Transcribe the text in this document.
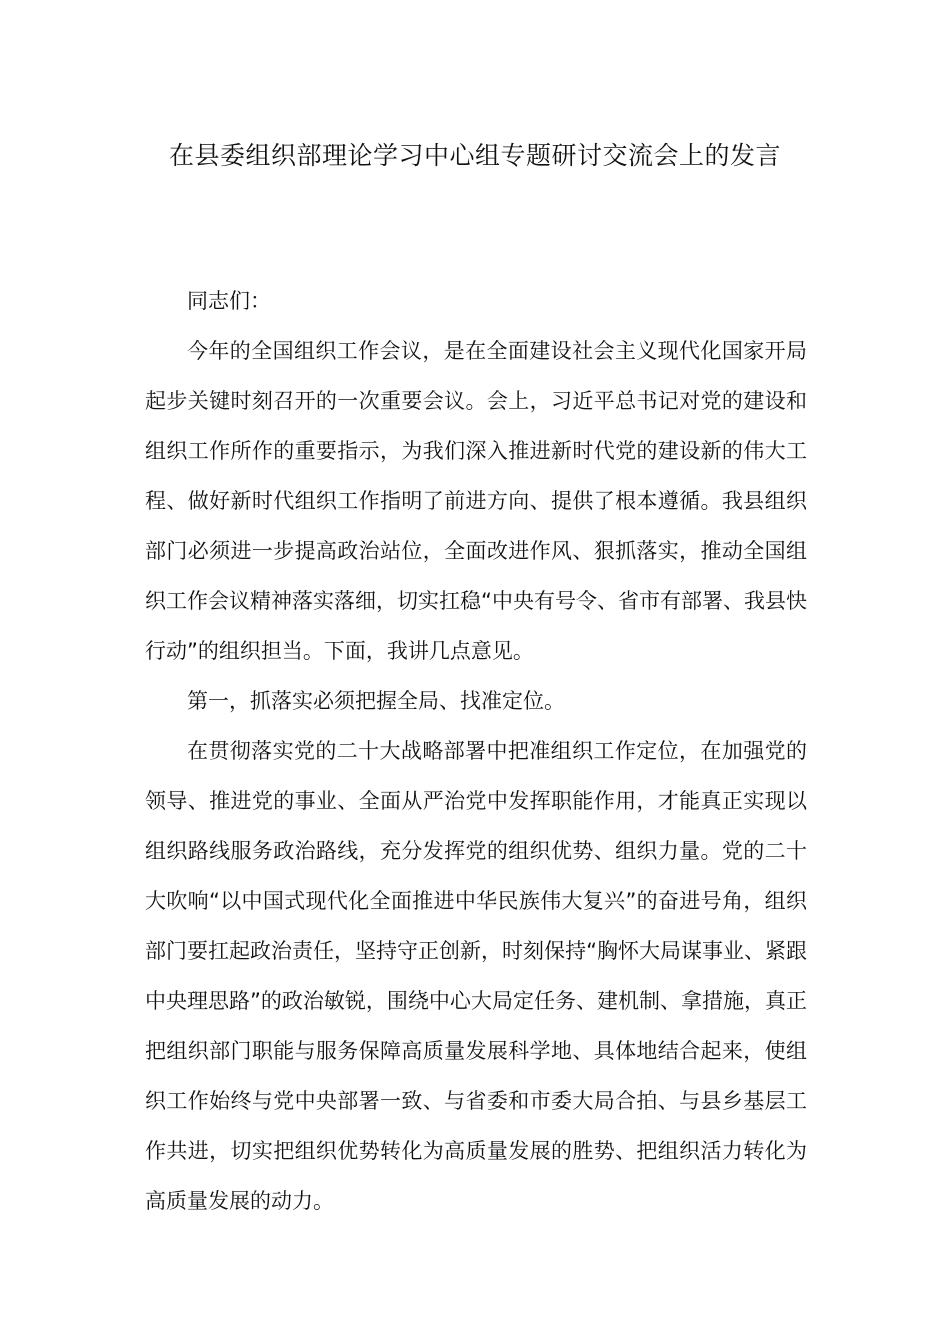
在县委组织部理论学习中心组专题研讨交流会上的发言

同志们：

今年的全国组织工作会议，是在全面建设社会主义现代化国家开局起步关键时刻召开的一次重要会议。会上，习近平总书记对党的建设和组织工作所作的重要指示，为我们深入推进新时代党的建设新的伟大工程、做好新时代组织工作指明了前进方向、提供了根本遵循。我县组织部门必须进一步提高政治站位，全面改进作风、狠抓落实，推动全国组织工作会议精神落实落细，切实扛稳“中央有号令、省市有部署、我县快行动”的组织担当。下面，我讲几点意见。

第一，抓落实必须把握全局、找准定位。

在贯彻落实党的二十大战略部署中把准组织工作定位，在加强党的领导、推进党的事业、全面从严治党中发挥职能作用，才能真正实现以组织路线服务政治路线，充分发挥党的组织优势、组织力量。党的二十大吹响“以中国式现代化全面推进中华民族伟大复兴”的奋进号角，组织部门要扛起政治责任，坚持守正创新，时刻保持“胸怀大局谋事业、紧跟中央理思路”的政治敏锐，围绕中心大局定任务、建机制、拿措施，真正把组织部门职能与服务保障高质量发展科学地、具体地结合起来，使组织工作始终与党中央部署一致、与省委和市委大局合拍、与县乡基层工作共进，切实把组织优势转化为高质量发展的胜势、把组织活力转化为高质量发展的动力。
